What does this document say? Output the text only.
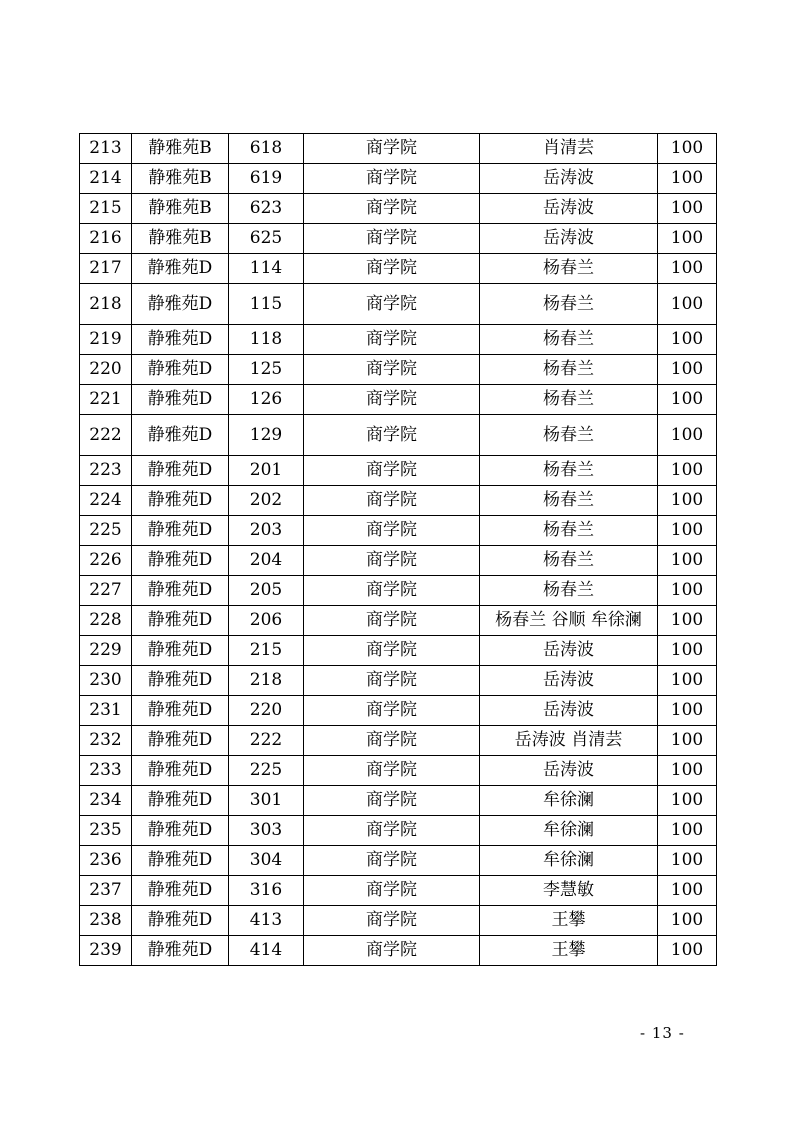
213	静雅苑B	618	商学院	肖清芸	100
214	静雅苑B	619	商学院	岳涛波	100
215	静雅苑B	623	商学院	岳涛波	100
216	静雅苑B	625	商学院	岳涛波	100
217	静雅苑D	114	商学院	杨春兰	100
218	静雅苑D	115	商学院	杨春兰	100
219	静雅苑D	118	商学院	杨春兰	100
220	静雅苑D	125	商学院	杨春兰	100
221	静雅苑D	126	商学院	杨春兰	100
222	静雅苑D	129	商学院	杨春兰	100
223	静雅苑D	201	商学院	杨春兰	100
224	静雅苑D	202	商学院	杨春兰	100
225	静雅苑D	203	商学院	杨春兰	100
226	静雅苑D	204	商学院	杨春兰	100
227	静雅苑D	205	商学院	杨春兰	100
228	静雅苑D	206	商学院	杨春兰 谷顺 牟徐澜	100
229	静雅苑D	215	商学院	岳涛波	100
230	静雅苑D	218	商学院	岳涛波	100
231	静雅苑D	220	商学院	岳涛波	100
232	静雅苑D	222	商学院	岳涛波 肖清芸	100
233	静雅苑D	225	商学院	岳涛波	100
234	静雅苑D	301	商学院	牟徐澜	100
235	静雅苑D	303	商学院	牟徐澜	100
236	静雅苑D	304	商学院	牟徐澜	100
237	静雅苑D	316	商学院	李慧敏	100
238	静雅苑D	413	商学院	王攀	100
239	静雅苑D	414	商学院	王攀	100
- 13 -
